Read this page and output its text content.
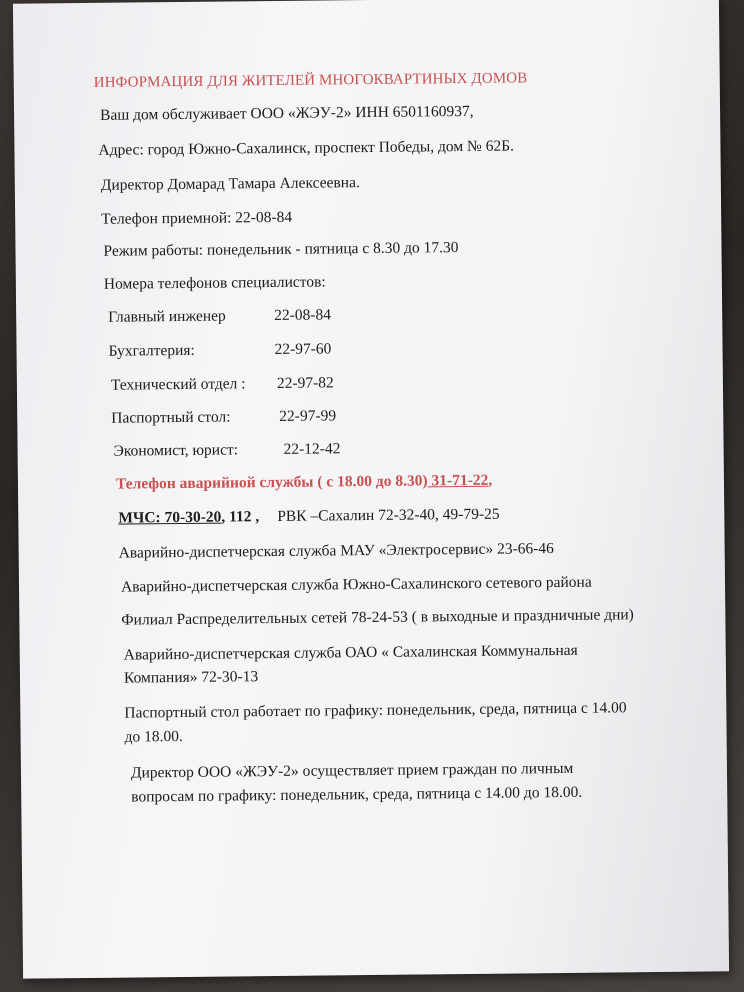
ИНФОРМАЦИЯ ДЛЯ ЖИТЕЛЕЙ МНОГОКВАРТИНЫХ ДОМОВ
Ваш дом обслуживает ООО «ЖЭУ-2» ИНН 6501160937,
Адрес: город Южно-Сахалинск, проспект Победы, дом № 62Б.
Директор Домарад Тамара Алексеевна.
Телефон приемной: 22-08-84
Режим работы: понедельник - пятница с 8.30 до 17.30
Номера телефонов специалистов:
Главный инженер	22-08-84
Бухгалтерия:	22-97-60
Технический отдел : 22-97-82
Паспортный стол:	22-97-99
Экономист, юрист:	22-12-42
Телефон аварийной службы ( с 18.00 до 8.30) 31-71-22,
МЧС: 70-30-20, 112 , РВК –Сахалин 72-32-40, 49-79-25
Аварийно-диспетчерская служба МАУ «Электросервис» 23-66-46
Аварийно-диспетчерская служба Южно-Сахалинского сетевого района
Филиал Распределительных сетей 78-24-53 ( в выходные и праздничные дни)
Аварийно-диспетчерская служба ОАО « Сахалинская Коммунальная
Компания» 72-30-13
Паспортный стол работает по графику: понедельник, среда, пятница с 14.00
до 18.00.
Директор ООО «ЖЭУ-2» осуществляет прием граждан по личным
вопросам по графику: понедельник, среда, пятница с 14.00 до 18.00.
